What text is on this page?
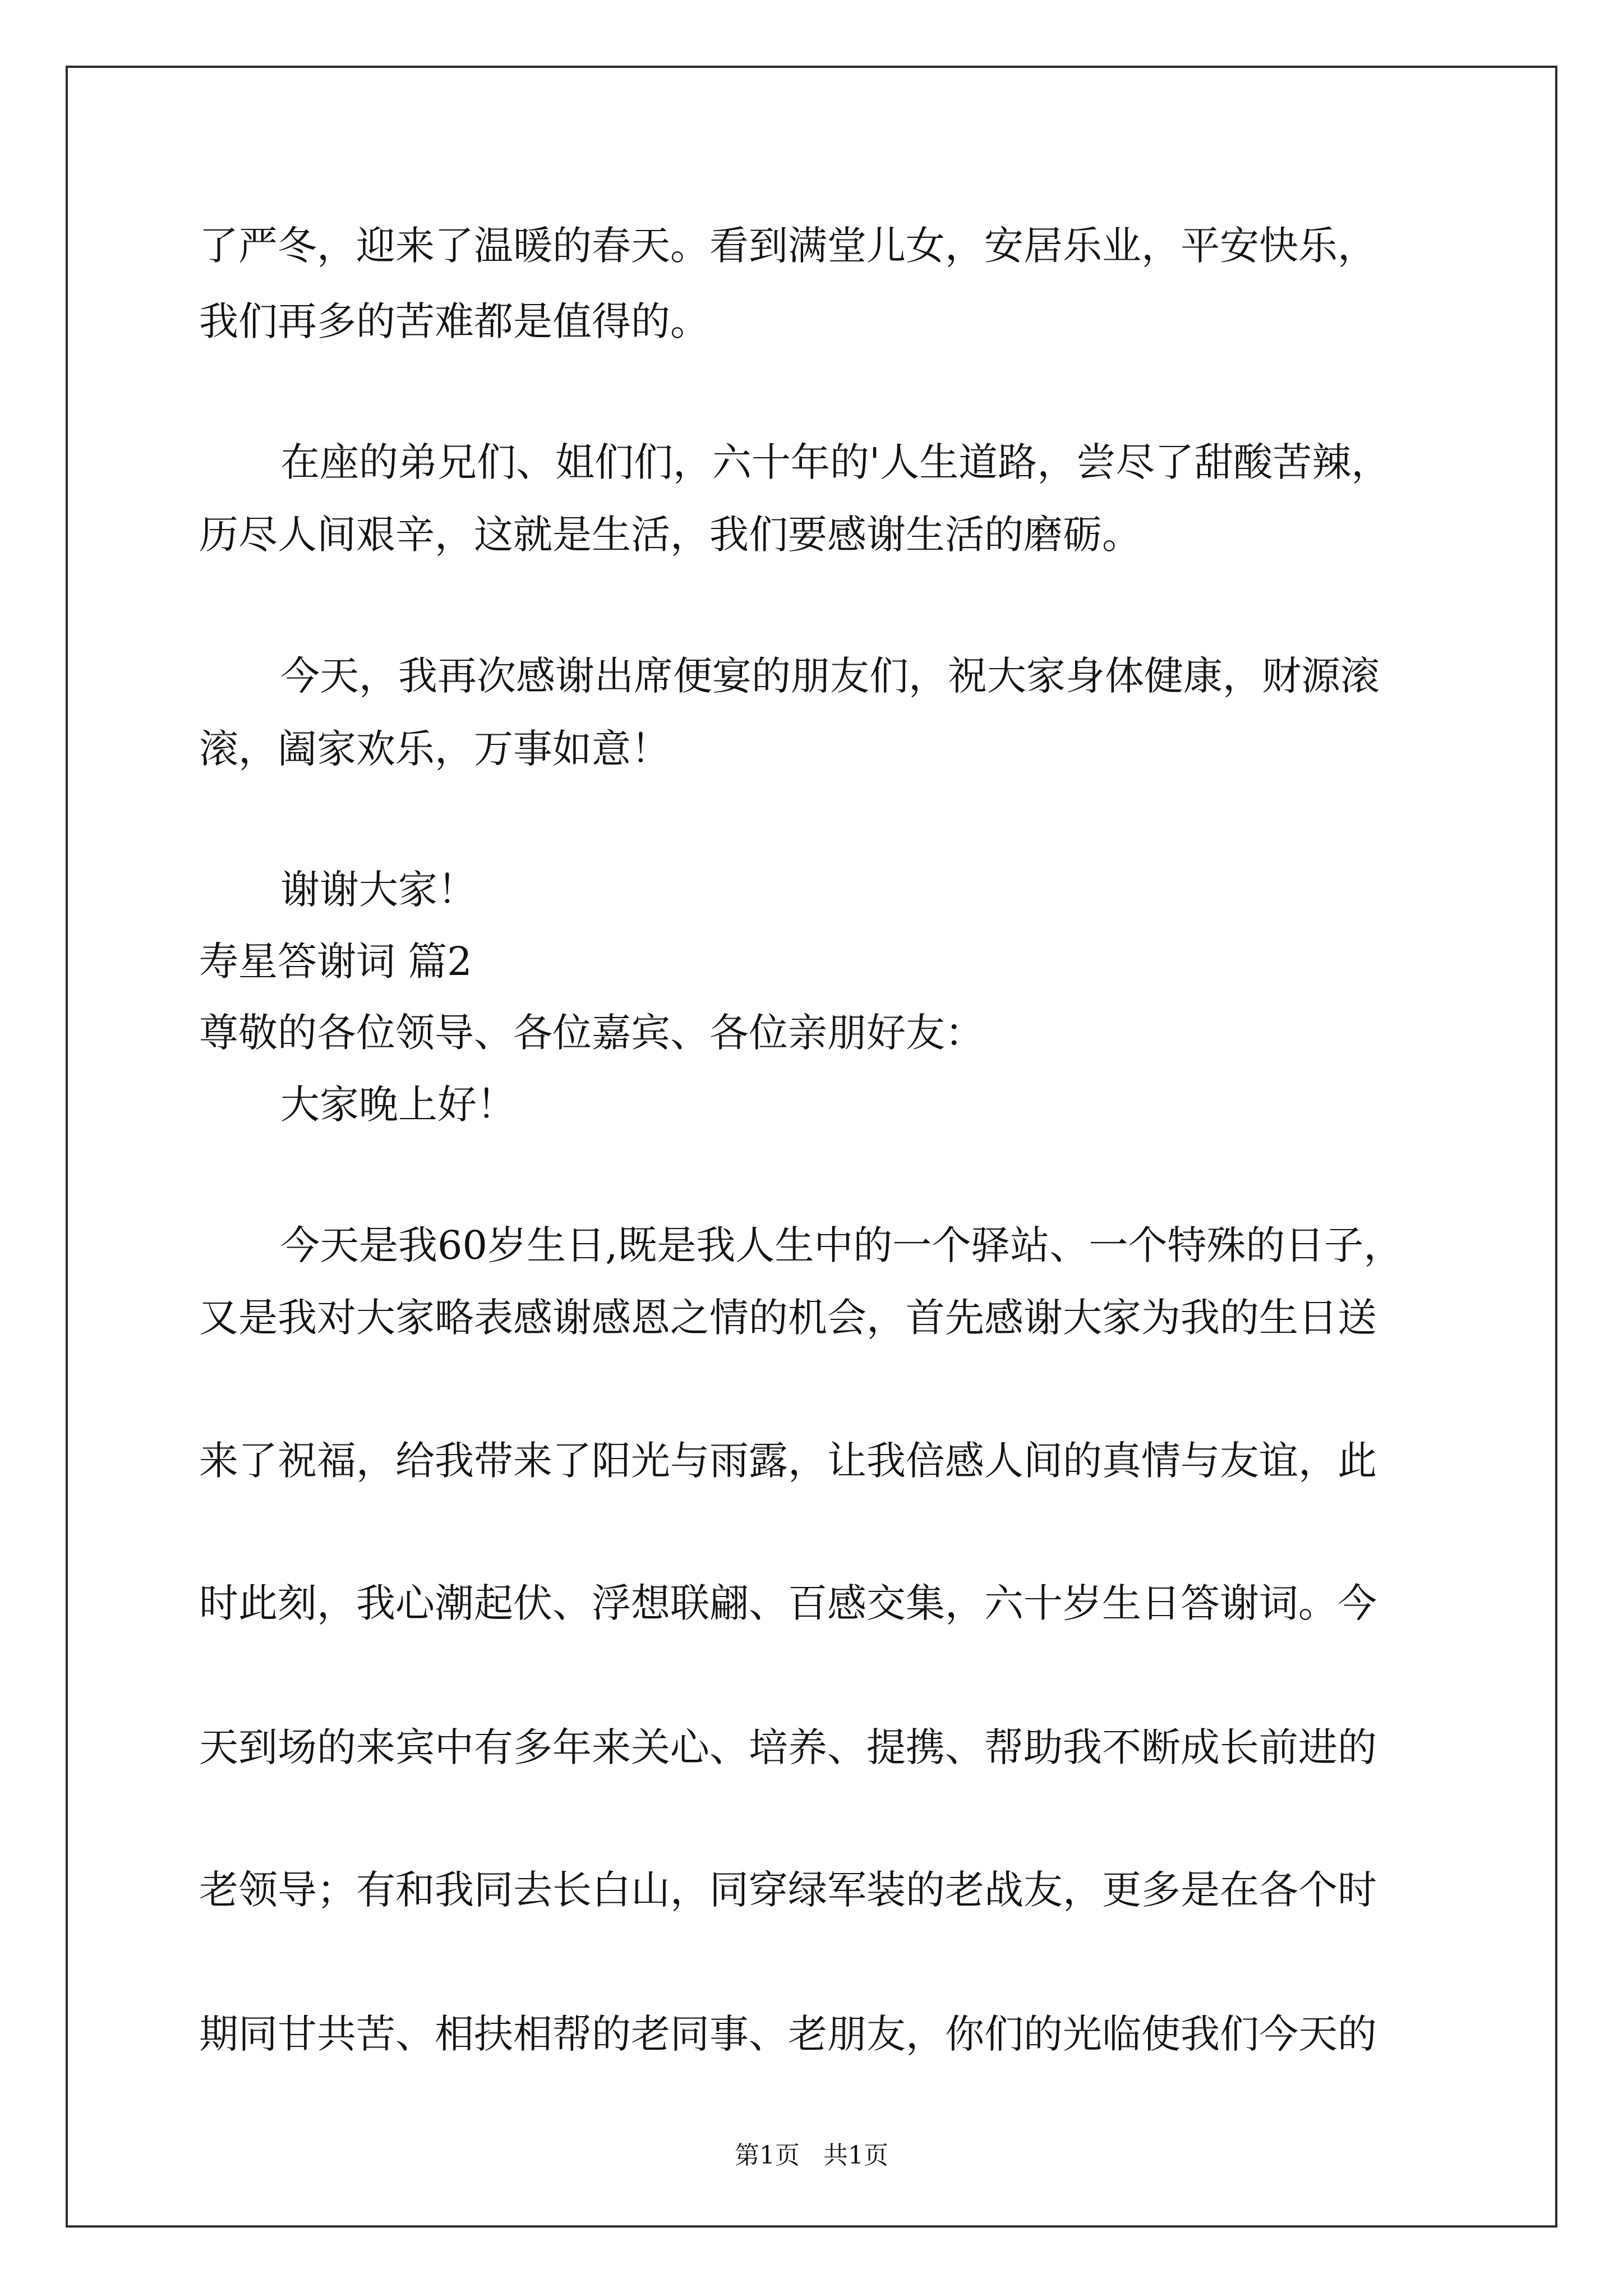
了严冬，迎来了温暖的春天。看到满堂儿女，安居乐业，平安快乐，

我们再多的苦难都是值得的。

在座的弟兄们、姐们们，六十年的'人生道路，尝尽了甜酸苦辣，

历尽人间艰辛，这就是生活，我们要感谢生活的磨砺。

今天，我再次感谢出席便宴的朋友们，祝大家身体健康，财源滚

滚，阖家欢乐，万事如意！

谢谢大家！

寿星答谢词 篇2

尊敬的各位领导、各位嘉宾、各位亲朋好友：

大家晚上好！

今天是我60岁生日,既是我人生中的一个驿站、一个特殊的日子，

又是我对大家略表感谢感恩之情的机会，首先感谢大家为我的生日送

来了祝福，给我带来了阳光与雨露，让我倍感人间的真情与友谊，此

时此刻，我心潮起伏、浮想联翩、百感交集，六十岁生日答谢词。今

天到场的来宾中有多年来关心、培养、提携、帮助我不断成长前进的

老领导；有和我同去长白山，同穿绿军装的老战友，更多是在各个时

期同甘共苦、相扶相帮的老同事、老朋友，你们的光临使我们今天的

第1页   共1页
